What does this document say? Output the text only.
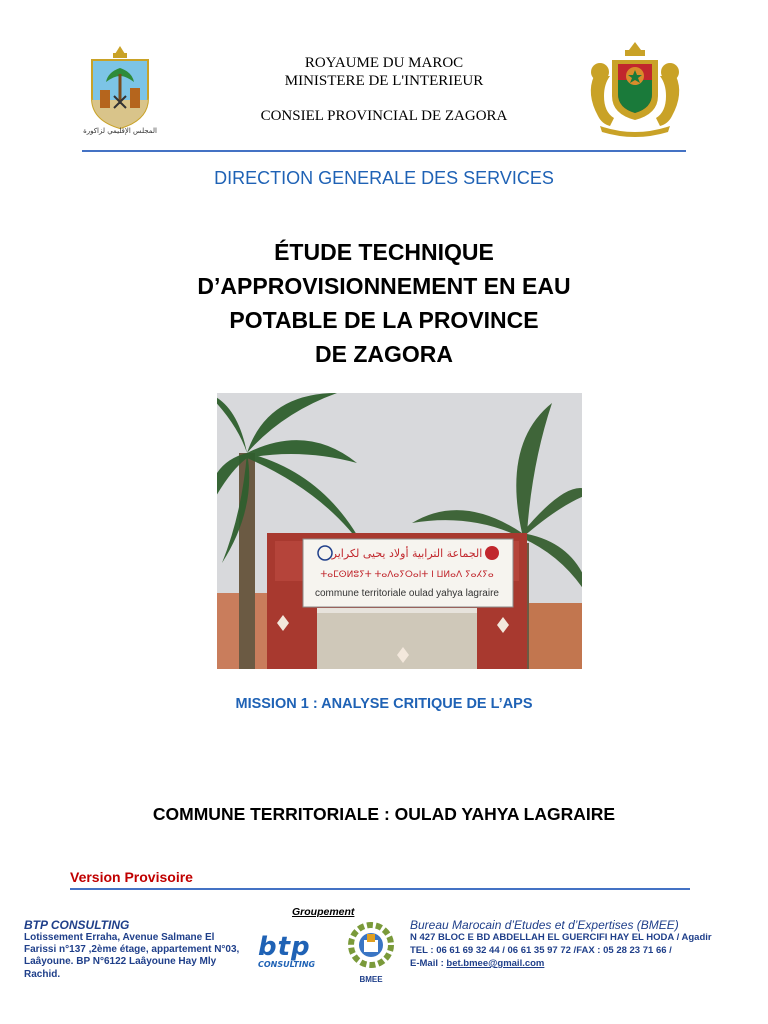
المجلس الإقليمي لزاكورة
ROYAUME DU MAROC
MINISTERE DE L'INTERIEUR
CONSIEL PROVINCIAL DE ZAGORA
DIRECTION GENERALE DES SERVICES
ÉTUDE TECHNIQUE
D’APPROVISIONNEMENT EN EAU
POTABLE DE LA PROVINCE
DE ZAGORA
الجماعة الترابية أولاد يحيى لكراير
ⵜⴰⵎⵙⵍⵓⵢⵜ ⵜⴰⴷⴰⵢⵔⴰⵏⵜ ⵏ ⵡⵍⴰⴷ ⵢⴰⵃⵢⴰ
commune territoriale oulad yahya lagraire
MISSION 1 : ANALYSE CRITIQUE DE L’APS
COMMUNE TERRITORIALE : OULAD YAHYA LAGRAIRE
Version Provisoire
Groupement
BTP CONSULTING
Lotissement Erraha, Avenue Salmane El Farissi n°137 ,2ème étage, appartement N°03, Laâyoune. BP N°6122 Laâyoune Hay Mly Rachid.
btp
CONSULTING
BMEE
Bureau Marocain d’Etudes et d’Expertises (BMEE)
N 427 BLOC E BD ABDELLAH EL GUERCIFI HAY EL HODA / Agadir
TEL : 06 61 69 32 44 / 06 61 35 97 72 /FAX : 05 28 23 71 66 /
E-Mail : bet.bmee@gmail.com
